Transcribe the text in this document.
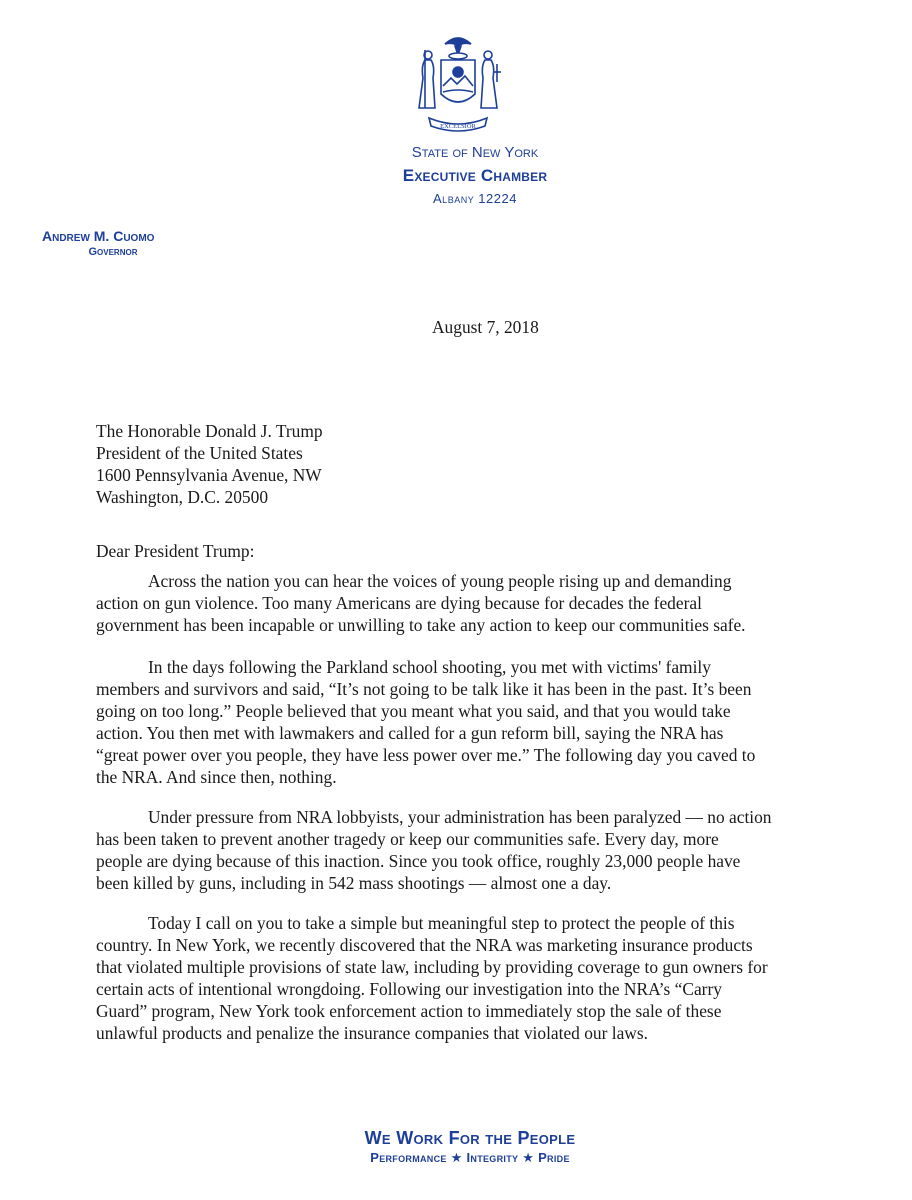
EXCELSIOR
State of New York
Executive Chamber
Albany 12224
Andrew M. Cuomo
Governor
August 7, 2018
The Honorable Donald J. Trump
President of the United States
1600 Pennsylvania Avenue, NW
Washington, D.C. 20500
Dear President Trump:
Across the nation you can hear the voices of young people rising up and demanding
action on gun violence. Too many Americans are dying because for decades the federal
government has been incapable or unwilling to take any action to keep our communities safe.
In the days following the Parkland school shooting, you met with victims' family
members and survivors and said, “It’s not going to be talk like it has been in the past. It’s been
going on too long.” People believed that you meant what you said, and that you would take
action. You then met with lawmakers and called for a gun reform bill, saying the NRA has
“great power over you people, they have less power over me.” The following day you caved to
the NRA. And since then, nothing.
Under pressure from NRA lobbyists, your administration has been paralyzed — no action
has been taken to prevent another tragedy or keep our communities safe. Every day, more
people are dying because of this inaction. Since you took office, roughly 23,000 people have
been killed by guns, including in 542 mass shootings — almost one a day.
Today I call on you to take a simple but meaningful step to protect the people of this
country. In New York, we recently discovered that the NRA was marketing insurance products
that violated multiple provisions of state law, including by providing coverage to gun owners for
certain acts of intentional wrongdoing. Following our investigation into the NRA’s “Carry
Guard” program, New York took enforcement action to immediately stop the sale of these
unlawful products and penalize the insurance companies that violated our laws.
We Work For the People
Performance ★ Integrity ★ Pride
